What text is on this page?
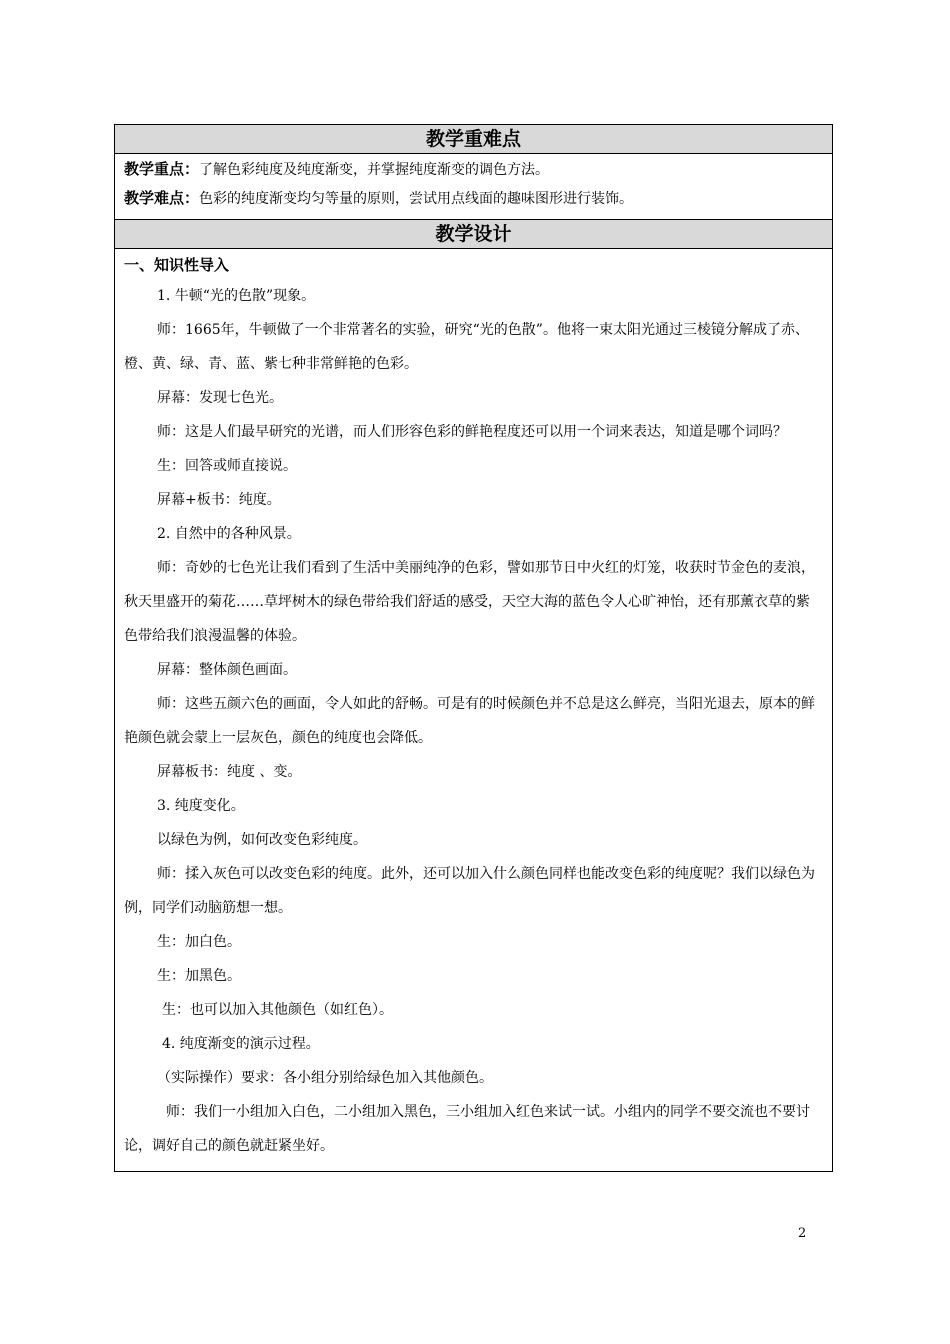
教学重难点
教学重点：了解色彩纯度及纯度渐变，并掌握纯度渐变的调色方法。
教学难点：色彩的纯度渐变均匀等量的原则，尝试用点线面的趣味图形进行装饰。
教学设计
一、知识性导入

1. 牛顿“光的色散”现象。

师：1665年，牛顿做了一个非常著名的实验，研究“光的色散”。他将一束太阳光通过三棱镜分解成了赤、橙、黄、绿、青、蓝、紫七种非常鲜艳的色彩。

屏幕：发现七色光。

师：这是人们最早研究的光谱，而人们形容色彩的鲜艳程度还可以用一个词来表达，知道是哪个词吗？

生：回答或师直接说。

屏幕+板书：纯度。

2. 自然中的各种风景。

师：奇妙的七色光让我们看到了生活中美丽纯净的色彩，譬如那节日中火红的灯笼，收获时节金色的麦浪，秋天里盛开的菊花……草坪树木的绿色带给我们舒适的感受，天空大海的蓝色令人心旷神怡，还有那薰衣草的紫色带给我们浪漫温馨的体验。

屏幕：整体颜色画面。

师：这些五颜六色的画面，令人如此的舒畅。可是有的时候颜色并不总是这么鲜亮，当阳光退去，原本的鲜艳颜色就会蒙上一层灰色，颜色的纯度也会降低。

屏幕板书：纯度 、变。

3. 纯度变化。

以绿色为例，如何改变色彩纯度。

师：揉入灰色可以改变色彩的纯度。此外，还可以加入什么颜色同样也能改变色彩的纯度呢？我们以绿色为例，同学们动脑筋想一想。

生：加白色。

生：加黑色。

生：也可以加入其他颜色（如红色）。

4. 纯度渐变的演示过程。

（实际操作）要求：各小组分别给绿色加入其他颜色。

师：我们一小组加入白色，二小组加入黑色，三小组加入红色来试一试。小组内的同学不要交流也不要讨论，调好自己的颜色就赶紧坐好。

2
